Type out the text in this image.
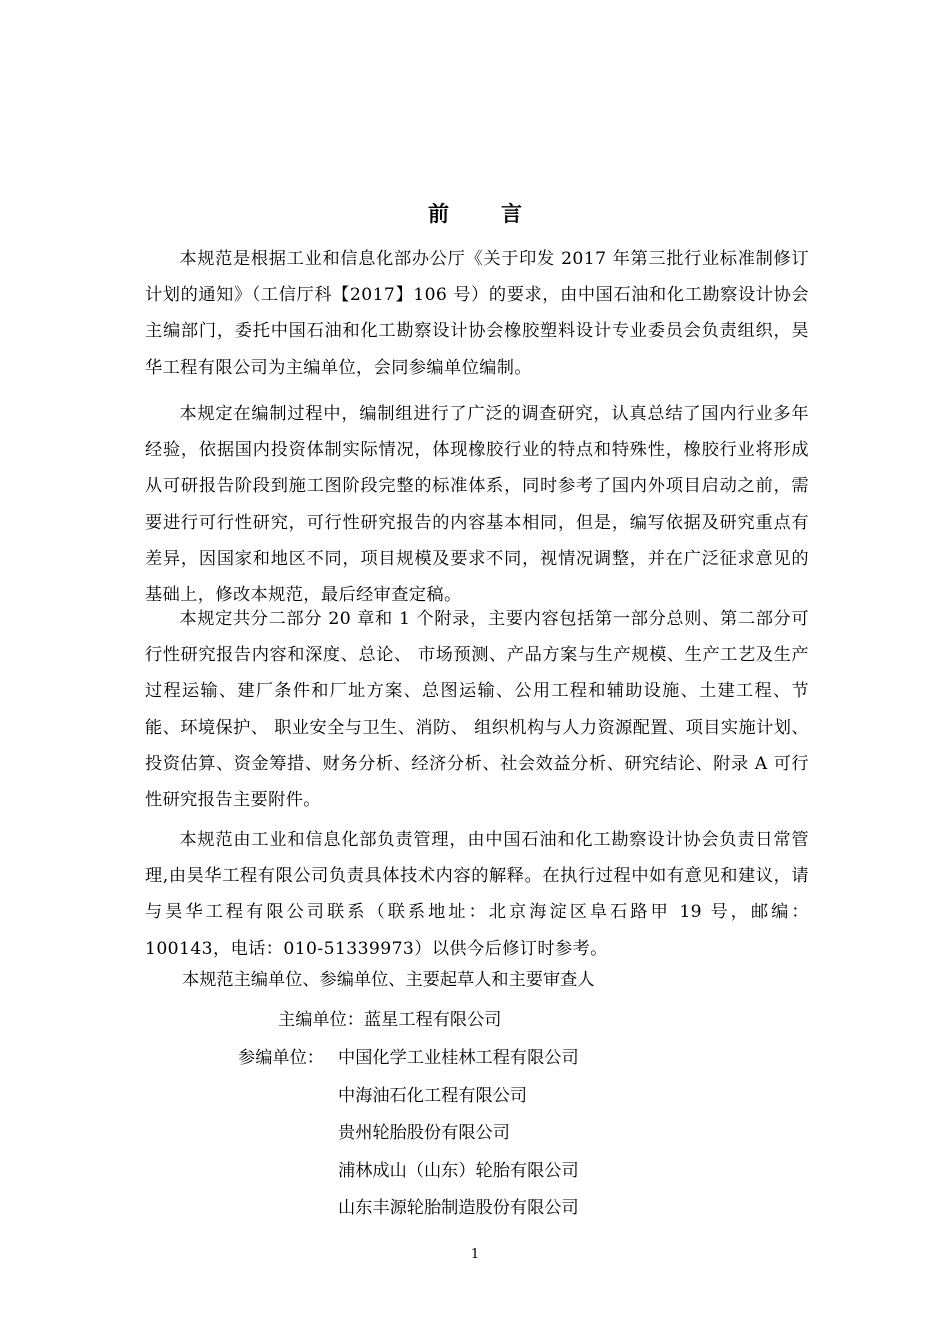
前 言

本规范是根据工业和信息化部办公厅《关于印发 2017 年第三批行业标准制修订计划的通知》（工信厅科【2017】106 号）的要求，由中国石油和化工勘察设计协会主编部门，委托中国石油和化工勘察设计协会橡胶塑料设计专业委员会负责组织，昊华工程有限公司为主编单位，会同参编单位编制。

本规定在编制过程中，编制组进行了广泛的调查研究，认真总结了国内行业多年经验，依据国内投资体制实际情况，体现橡胶行业的特点和特殊性，橡胶行业将形成从可研报告阶段到施工图阶段完整的标准体系，同时参考了国内外项目启动之前，需要进行可行性研究，可行性研究报告的内容基本相同，但是，编写依据及研究重点有差异，因国家和地区不同，项目规模及要求不同，视情况调整，并在广泛征求意见的基础上，修改本规范，最后经审查定稿。

本规定共分二部分 20 章和 1 个附录，主要内容包括第一部分总则、第二部分可行性研究报告内容和深度、总论、 市场预测、产品方案与生产规模、生产工艺及生产过程运输、建厂条件和厂址方案、总图运输、公用工程和辅助设施、土建工程、节能、环境保护、 职业安全与卫生、消防、 组织机构与人力资源配置、项目实施计划、投资估算、资金筹措、财务分析、经济分析、社会效益分析、研究结论、附录 A 可行性研究报告主要附件。

本规范由工业和信息化部负责管理，由中国石油和化工勘察设计协会负责日常管理,由昊华工程有限公司负责具体技术内容的解释。在执行过程中如有意见和建议，请与昊华工程有限公司联系（联系地址：北京海淀区阜石路甲 19 号，邮编：100143，电话：010-51339973）以供今后修订时参考。

本规范主编单位、参编单位、主要起草人和主要审查人

主编单位：蓝星工程有限公司
参编单位： 中国化学工业桂林工程有限公司
中海油石化工程有限公司
贵州轮胎股份有限公司
浦林成山（山东）轮胎有限公司
山东丰源轮胎制造股份有限公司
1
